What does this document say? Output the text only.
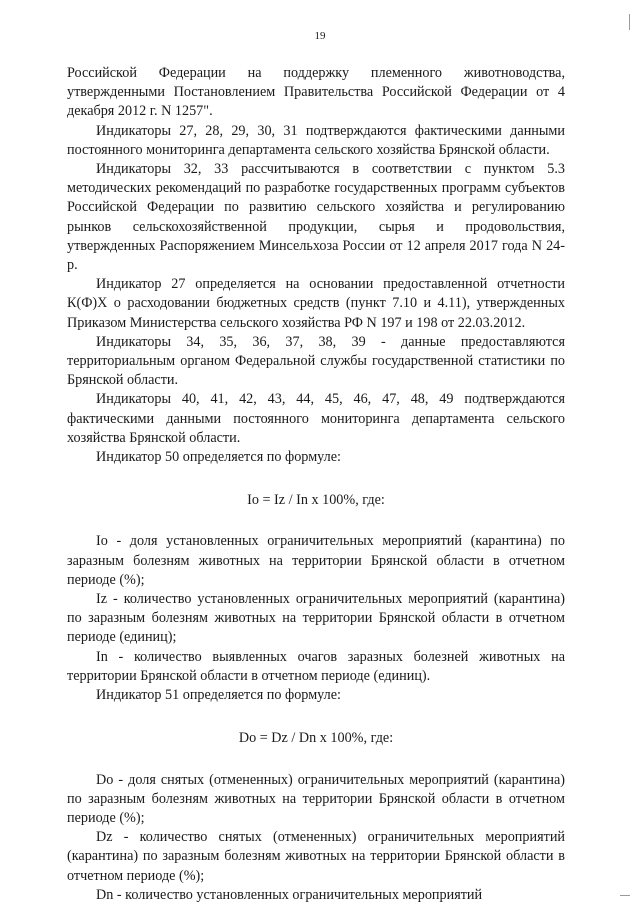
19

Российской Федерации на поддержку племенного животноводства, утвержденными Постановлением Правительства Российской Федерации от 4 декабря 2012 г. N 1257".

Индикаторы 27, 28, 29, 30, 31 подтверждаются фактическими данными постоянного мониторинга департамента сельского хозяйства Брянской области.

Индикаторы 32, 33 рассчитываются в соответствии с пунктом 5.3 методических рекомендаций по разработке государственных программ субъектов Российской Федерации по развитию сельского хозяйства и регулированию рынков сельскохозяйственной продукции, сырья и продовольствия, утвержденных Распоряжением Минсельхоза России от 12 апреля 2017 года N 24-р.

Индикатор 27 определяется на основании предоставленной отчетности К(Ф)Х о расходовании бюджетных средств (пункт 7.10 и 4.11), утвержденных Приказом Министерства сельского хозяйства РФ N 197 и 198 от 22.03.2012.

Индикаторы 34, 35, 36, 37, 38, 39 - данные предоставляются территориальным органом Федеральной службы государственной статистики по Брянской области.

Индикаторы 40, 41, 42, 43, 44, 45, 46, 47, 48, 49 подтверждаются фактическими данными постоянного мониторинга департамента сельского хозяйства Брянской области.

Индикатор 50 определяется по формуле:

Io = Iz / In x 100%, где:

Io - доля установленных ограничительных мероприятий (карантина) по заразным болезням животных на территории Брянской области в отчетном периоде (%);

Iz - количество установленных ограничительных мероприятий (карантина) по заразным болезням животных на территории Брянской области в отчетном периоде (единиц);

In - количество выявленных очагов заразных болезней животных на территории Брянской области в отчетном периоде (единиц).

Индикатор 51 определяется по формуле:

Do = Dz / Dn x 100%, где:

Do - доля снятых (отмененных) ограничительных мероприятий (карантина) по заразным болезням животных на территории Брянской области в отчетном периоде (%);

Dz - количество снятых (отмененных) ограничительных мероприятий (карантина) по заразным болезням животных на территории Брянской области в отчетном периоде (%);

Dn - количество установленных ограничительных мероприятий
